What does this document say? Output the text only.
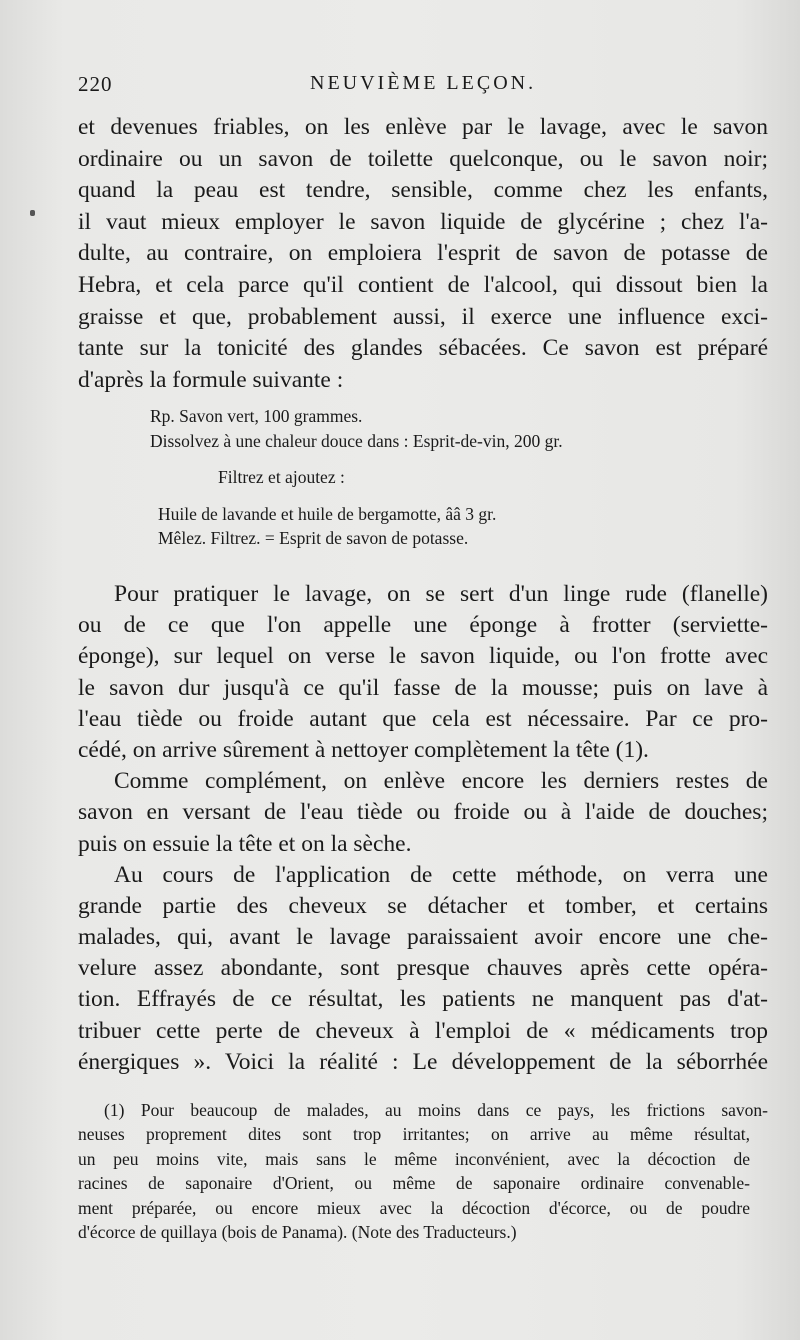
220	NEUVIÈME LEÇON.
et devenues friables, on les enlève par le lavage, avec le savon
ordinaire ou un savon de toilette quelconque, ou le savon noir;
quand la peau est tendre, sensible, comme chez les enfants,
il vaut mieux employer le savon liquide de glycérine ; chez l'a-
dulte, au contraire, on emploiera l'esprit de savon de potasse de
Hebra, et cela parce qu'il contient de l'alcool, qui dissout bien la
graisse et que, probablement aussi, il exerce une influence exci-
tante sur la tonicité des glandes sébacées. Ce savon est préparé
d'après la formule suivante :
Rp. Savon vert, 100 grammes.
Dissolvez à une chaleur douce dans : Esprit-de-vin, 200 gr.
Filtrez et ajoutez :
Huile de lavande et huile de bergamotte, ââ 3 gr.
Mêlez. Filtrez. = Esprit de savon de potasse.
Pour pratiquer le lavage, on se sert d'un linge rude (flanelle)
ou de ce que l'on appelle une éponge à frotter (serviette-
éponge), sur lequel on verse le savon liquide, ou l'on frotte avec
le savon dur jusqu'à ce qu'il fasse de la mousse; puis on lave à
l'eau tiède ou froide autant que cela est nécessaire. Par ce pro-
cédé, on arrive sûrement à nettoyer complètement la tête (1).
Comme complément, on enlève encore les derniers restes de
savon en versant de l'eau tiède ou froide ou à l'aide de douches;
puis on essuie la tête et on la sèche.
Au cours de l'application de cette méthode, on verra une
grande partie des cheveux se détacher et tomber, et certains
malades, qui, avant le lavage paraissaient avoir encore une che-
velure assez abondante, sont presque chauves après cette opéra-
tion. Effrayés de ce résultat, les patients ne manquent pas d'at-
tribuer cette perte de cheveux à l'emploi de « médicaments trop
énergiques ». Voici la réalité : Le développement de la séborrhée
(1) Pour beaucoup de malades, au moins dans ce pays, les frictions savon-
neuses proprement dites sont trop irritantes; on arrive au même résultat,
un peu moins vite, mais sans le même inconvénient, avec la décoction de
racines de saponaire d'Orient, ou même de saponaire ordinaire convenable-
ment préparée, ou encore mieux avec la décoction d'écorce, ou de poudre
d'écorce de quillaya (bois de Panama). (Note des Traducteurs.)
